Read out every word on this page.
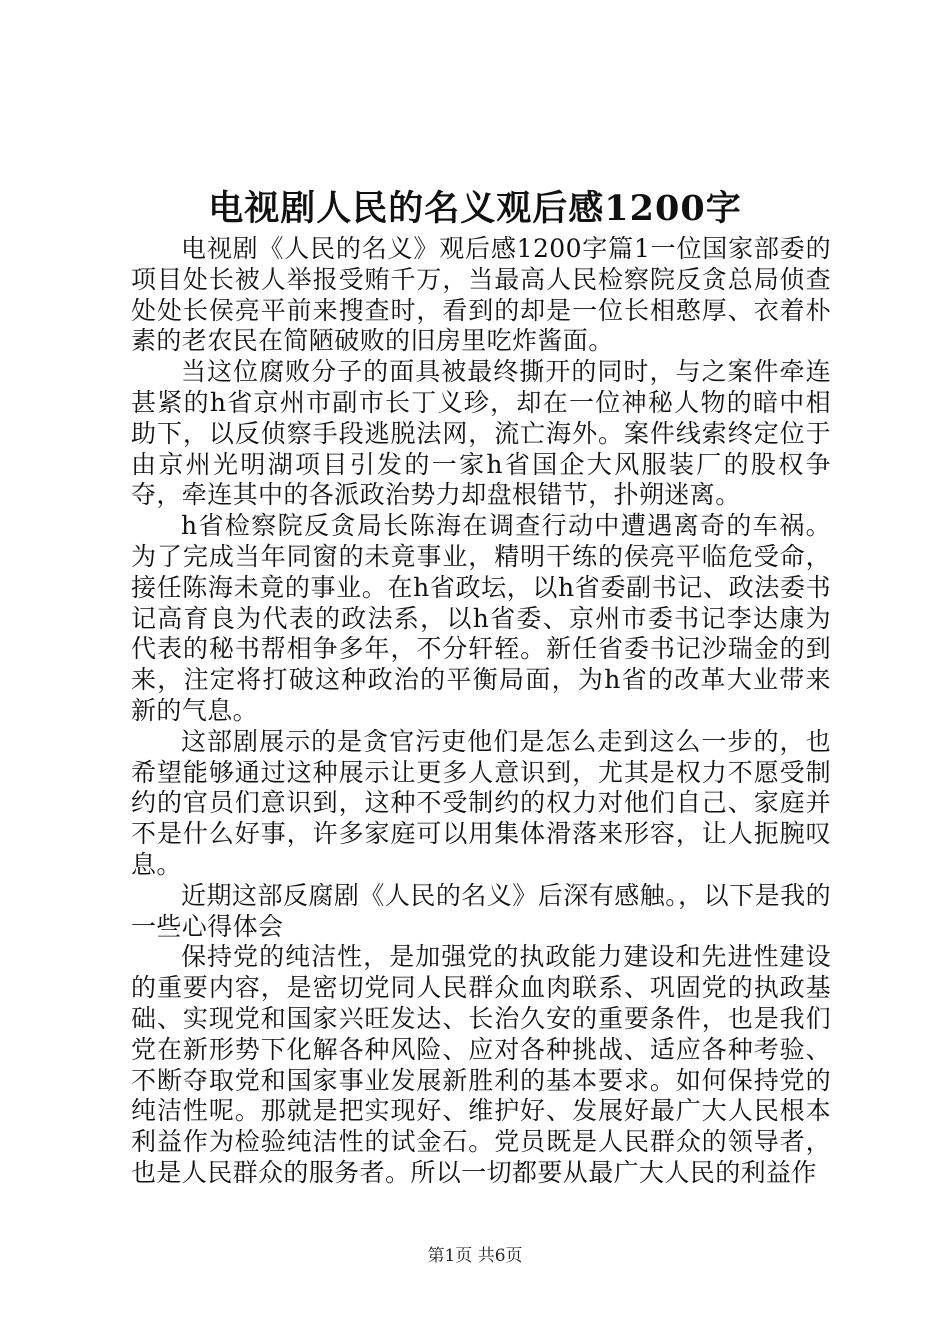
电视剧人民的名义观后感1200字

电视剧《人民的名义》观后感1200字篇1一位国家部委的项目处长被人举报受贿千万，当最高人民检察院反贪总局侦查处处长侯亮平前来搜查时，看到的却是一位长相憨厚、衣着朴素的老农民在简陋破败的旧房里吃炸酱面。

当这位腐败分子的面具被最终撕开的同时，与之案件牵连甚紧的h省京州市副市长丁义珍，却在一位神秘人物的暗中相助下，以反侦察手段逃脱法网，流亡海外。案件线索终定位于由京州光明湖项目引发的一家h省国企大风服装厂的股权争夺，牵连其中的各派政治势力却盘根错节，扑朔迷离。

h省检察院反贪局长陈海在调查行动中遭遇离奇的车祸。为了完成当年同窗的未竟事业，精明干练的侯亮平临危受命，接任陈海未竟的事业。在h省政坛，以h省委副书记、政法委书记高育良为代表的政法系，以h省委、京州市委书记李达康为代表的秘书帮相争多年，不分轩轾。新任省委书记沙瑞金的到来，注定将打破这种政治的平衡局面，为h省的改革大业带来新的气息。

这部剧展示的是贪官污吏他们是怎么走到这么一步的，也希望能够通过这种展示让更多人意识到，尤其是权力不愿受制约的官员们意识到，这种不受制约的权力对他们自己、家庭并不是什么好事，许多家庭可以用集体滑落来形容，让人扼腕叹息。

近期这部反腐剧《人民的名义》后深有感触。，以下是我的一些心得体会

保持党的纯洁性，是加强党的执政能力建设和先进性建设的重要内容，是密切党同人民群众血肉联系、巩固党的执政基础、实现党和国家兴旺发达、长治久安的重要条件，也是我们党在新形势下化解各种风险、应对各种挑战、适应各种考验、不断夺取党和国家事业发展新胜利的基本要求。如何保持党的纯洁性呢。那就是把实现好、维护好、发展好最广大人民根本利益作为检验纯洁性的试金石。党员既是人民群众的领导者，也是人民群众的服务者。所以一切都要从最广大人民的利益作

第1页 共6页
